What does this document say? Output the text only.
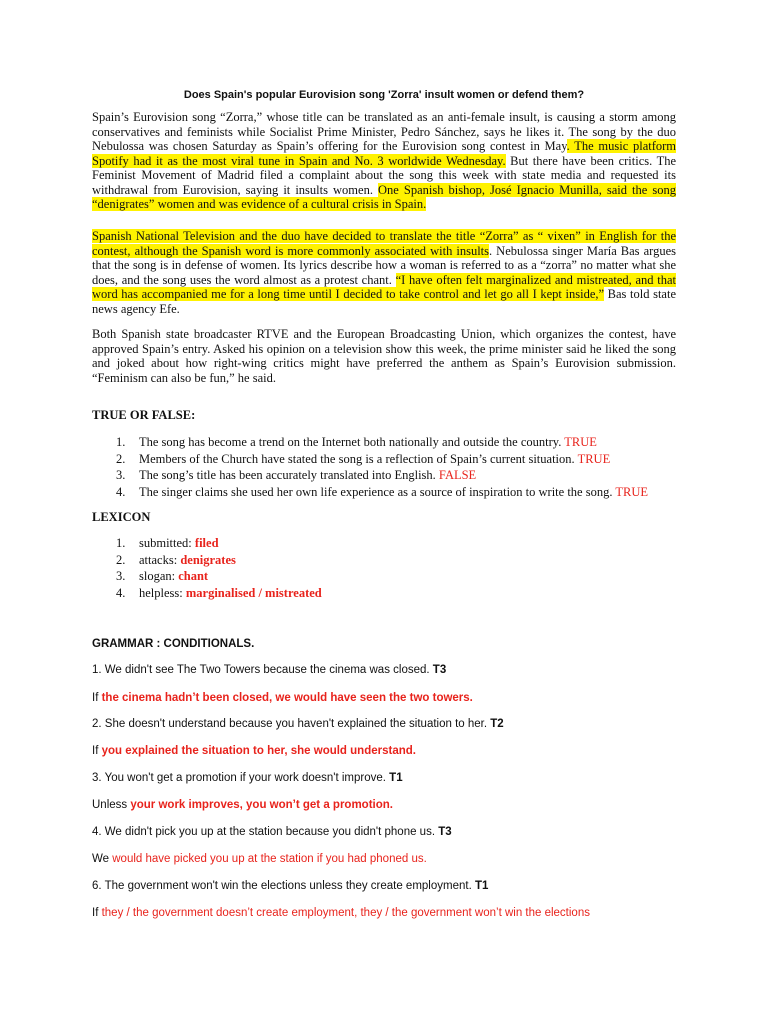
Does Spain's popular Eurovision song 'Zorra' insult women or defend them?
Spain’s Eurovision song “Zorra,” whose title can be translated as an anti-female insult, is causing a storm among conservatives and feminists while Socialist Prime Minister, Pedro Sánchez, says he likes it. The song by the duo Nebulossa was chosen Saturday as Spain’s offering for the Eurovision song contest in May. The music platform Spotify had it as the most viral tune in Spain and No. 3 worldwide Wednesday. But there have been critics. The Feminist Movement of Madrid filed a complaint about the song this week with state media and requested its withdrawal from Eurovision, saying it insults women. One Spanish bishop, José Ignacio Munilla, said the song “denigrates” women and was evidence of a cultural crisis in Spain.
Spanish National Television and the duo have decided to translate the title “Zorra” as “ vixen” in English for the contest, although the Spanish word is more commonly associated with insults. Nebulossa singer María Bas argues that the song is in defense of women. Its lyrics describe how a woman is referred to as a “zorra” no matter what she does, and the song uses the word almost as a protest chant. “I have often felt marginalized and mistreated, and that word has accompanied me for a long time until I decided to take control and let go all I kept inside,” Bas told state news agency Efe.
Both Spanish state broadcaster RTVE and the European Broadcasting Union, which organizes the contest, have approved Spain’s entry. Asked his opinion on a television show this week, the prime minister said he liked the song and joked about how right-wing critics might have preferred the anthem as Spain’s Eurovision submission. “Feminism can also be fun,” he said.
TRUE OR FALSE:
1. The song has become a trend on the Internet both nationally and outside the country. TRUE
2. Members of the Church have stated the song is a reflection of Spain’s current situation. TRUE
3. The song’s title has been accurately translated into English. FALSE
4. The singer claims she used her own life experience as a source of inspiration to write the song. TRUE
LEXICON
1. submitted: filed
2. attacks: denigrates
3. slogan: chant
4. helpless: marginalised / mistreated
GRAMMAR : CONDITIONALS.
1. We didn't see The Two Towers because the cinema was closed. T3
If the cinema hadn’t been closed, we would have seen the two towers.
2. She doesn't understand because you haven't explained the situation to her. T2
If you explained the situation to her, she would understand.
3. You won't get a promotion if your work doesn't improve. T1
Unless your work improves, you won’t get a promotion.
4. We didn't pick you up at the station because you didn't phone us. T3
We would have picked you up at the station if you had phoned us.
6. The government won't win the elections unless they create employment. T1
If they / the government doesn’t create employment, they / the government won’t win the elections
